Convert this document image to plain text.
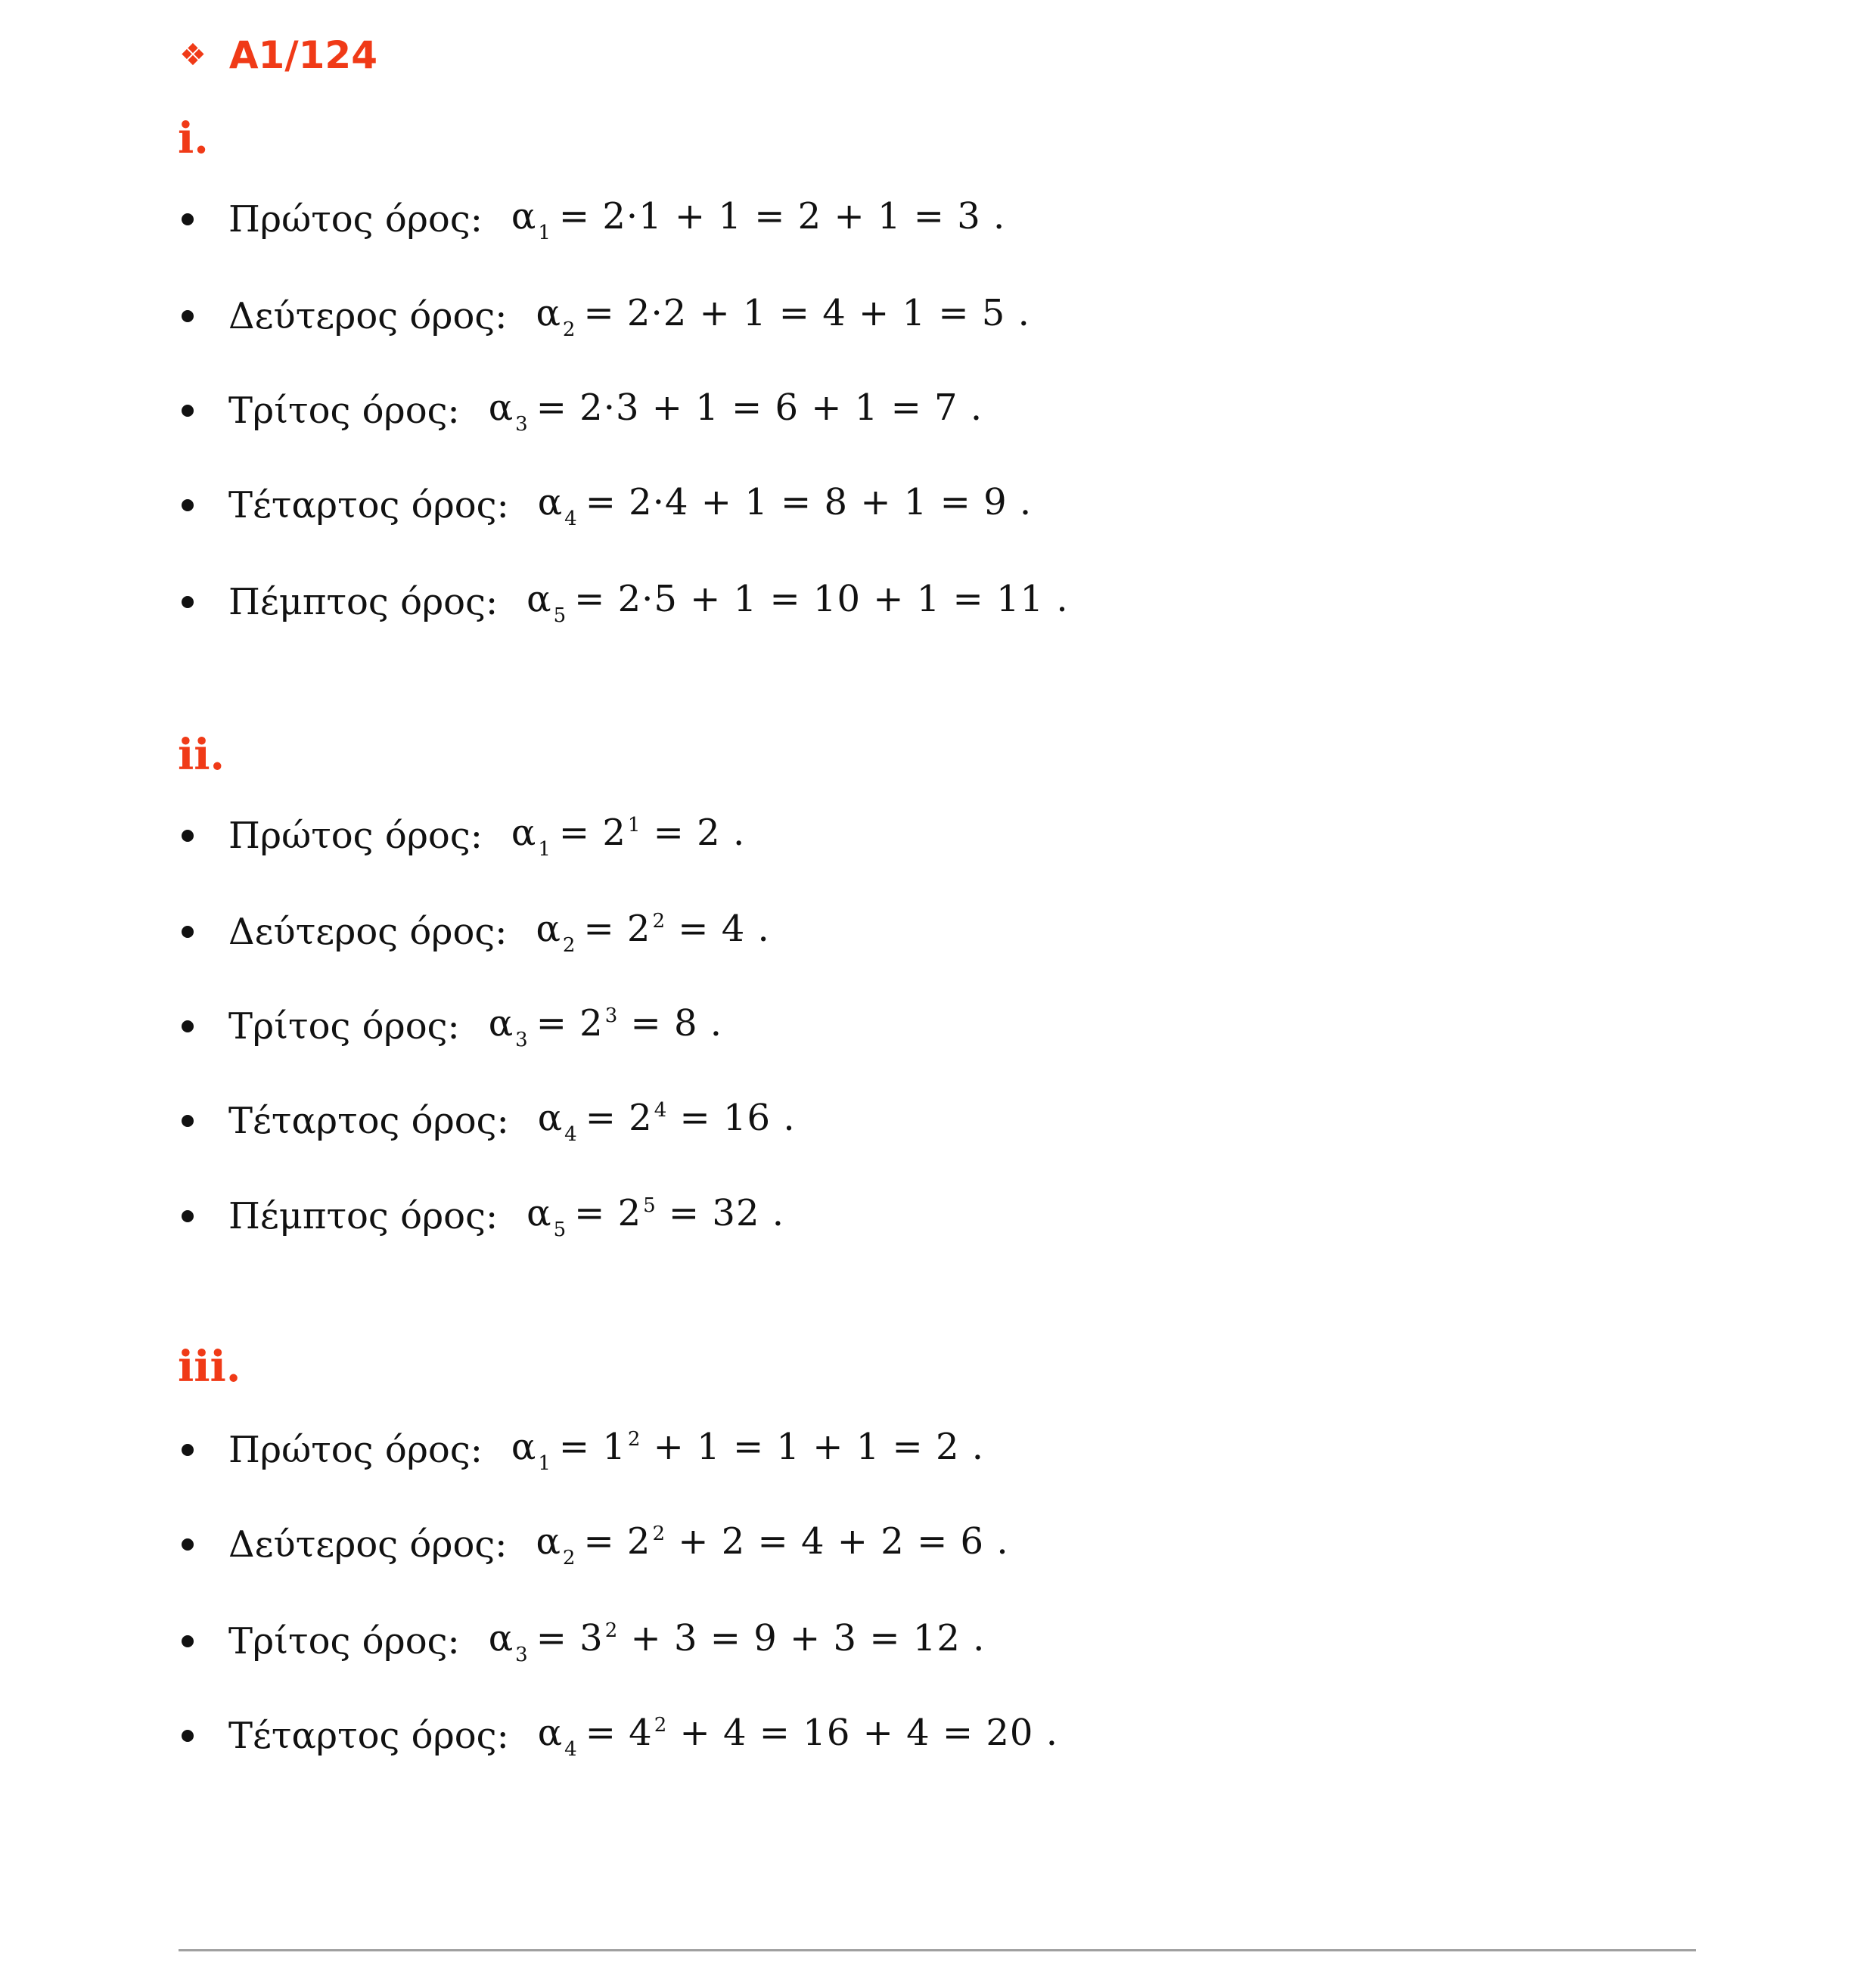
❖ Α1/124
i.
Πρώτος όρος: $\alpha_1 = 2\cdot 1 + 1 = 2 + 1 = 3$ .
Δεύτερος όρος: $\alpha_2 = 2\cdot 2 + 1 = 4 + 1 = 5$ .
Τρίτος όρος: $\alpha_3 = 2\cdot 3 + 1 = 6 + 1 = 7$ .
Τέταρτος όρος: $\alpha_4 = 2\cdot 4 + 1 = 8 + 1 = 9$ .
Πέμπτος όρος: $\alpha_5 = 2\cdot 5 + 1 = 10 + 1 = 11$ .
ii.
Πρώτος όρος: $\alpha_1 = 2^1 = 2$ .
Δεύτερος όρος: $\alpha_2 = 2^2 = 4$ .
Τρίτος όρος: $\alpha_3 = 2^3 = 8$ .
Τέταρτος όρος: $\alpha_4 = 2^4 = 16$ .
Πέμπτος όρος: $\alpha_5 = 2^5 = 32$ .
iii.
Πρώτος όρος: $\alpha_1 = 1^2 + 1 = 1 + 1 = 2$ .
Δεύτερος όρος: $\alpha_2 = 2^2 + 2 = 4 + 2 = 6$ .
Τρίτος όρος: $\alpha_3 = 3^2 + 3 = 9 + 3 = 12$ .
Τέταρτος όρος: $\alpha_4 = 4^2 + 4 = 16 + 4 = 20$ .
